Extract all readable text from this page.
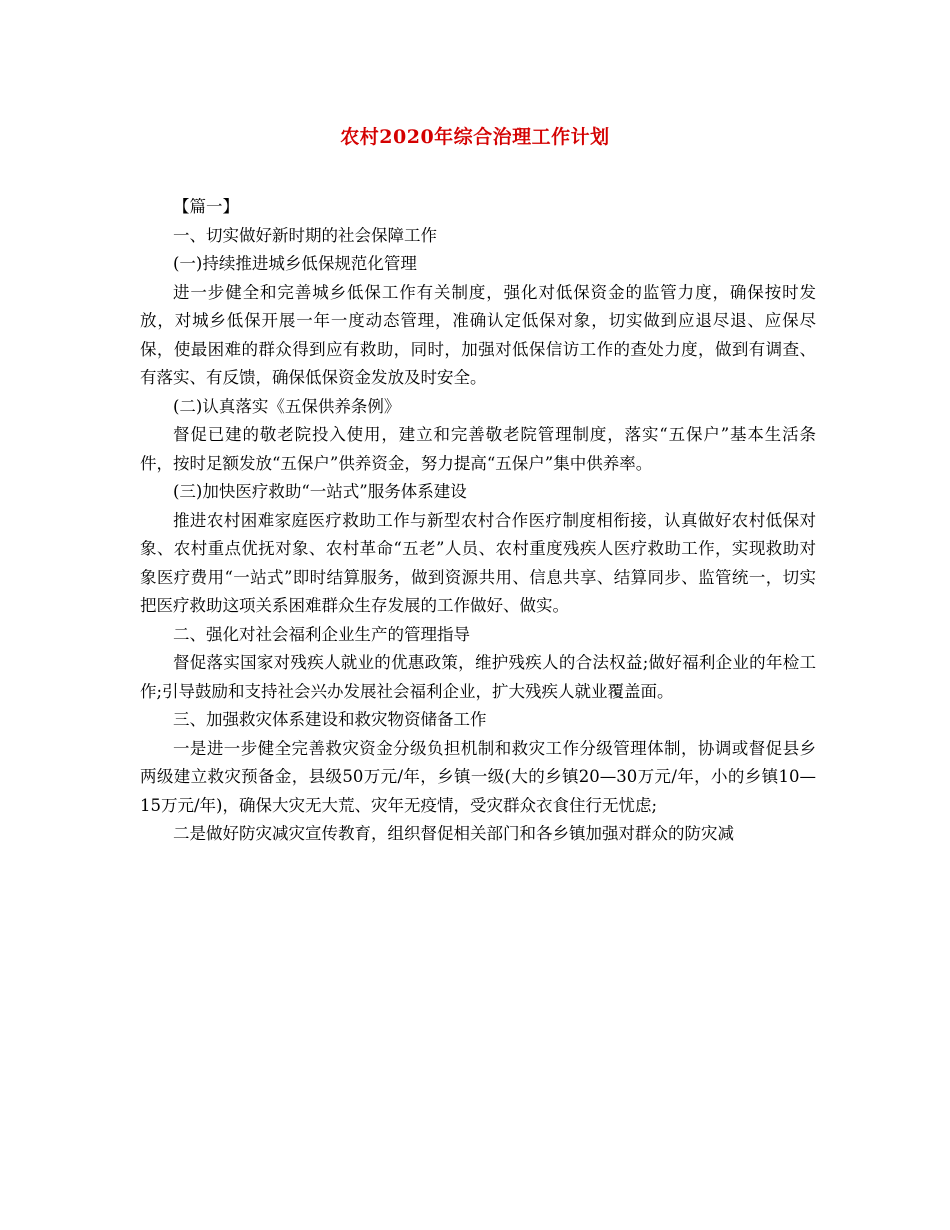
农村2020年综合治理工作计划

【篇一】

一、切实做好新时期的社会保障工作

(一)持续推进城乡低保规范化管理

进一步健全和完善城乡低保工作有关制度，强化对低保资金的监管力度，确保按时发放，对城乡低保开展一年一度动态管理，准确认定低保对象，切实做到应退尽退、应保尽保，使最困难的群众得到应有救助，同时，加强对低保信访工作的查处力度，做到有调查、有落实、有反馈，确保低保资金发放及时安全。

(二)认真落实《五保供养条例》

督促已建的敬老院投入使用，建立和完善敬老院管理制度，落实“五保户”基本生活条件，按时足额发放“五保户”供养资金，努力提高“五保户”集中供养率。

(三)加快医疗救助“一站式”服务体系建设

推进农村困难家庭医疗救助工作与新型农村合作医疗制度相衔接，认真做好农村低保对象、农村重点优抚对象、农村革命“五老”人员、农村重度残疾人医疗救助工作，实现救助对象医疗费用“一站式”即时结算服务，做到资源共用、信息共享、结算同步、监管统一，切实把医疗救助这项关系困难群众生存发展的工作做好、做实。

二、强化对社会福利企业生产的管理指导

督促落实国家对残疾人就业的优惠政策，维护残疾人的合法权益;做好福利企业的年检工作;引导鼓励和支持社会兴办发展社会福利企业，扩大残疾人就业覆盖面。

三、加强救灾体系建设和救灾物资储备工作

一是进一步健全完善救灾资金分级负担机制和救灾工作分级管理体制，协调或督促县乡两级建立救灾预备金，县级50万元/年，乡镇一级(大的乡镇20—30万元/年，小的乡镇10—15万元/年)，确保大灾无大荒、灾年无疫情，受灾群众衣食住行无忧虑;

二是做好防灾减灾宣传教育，组织督促相关部门和各乡镇加强对群众的防灾减
